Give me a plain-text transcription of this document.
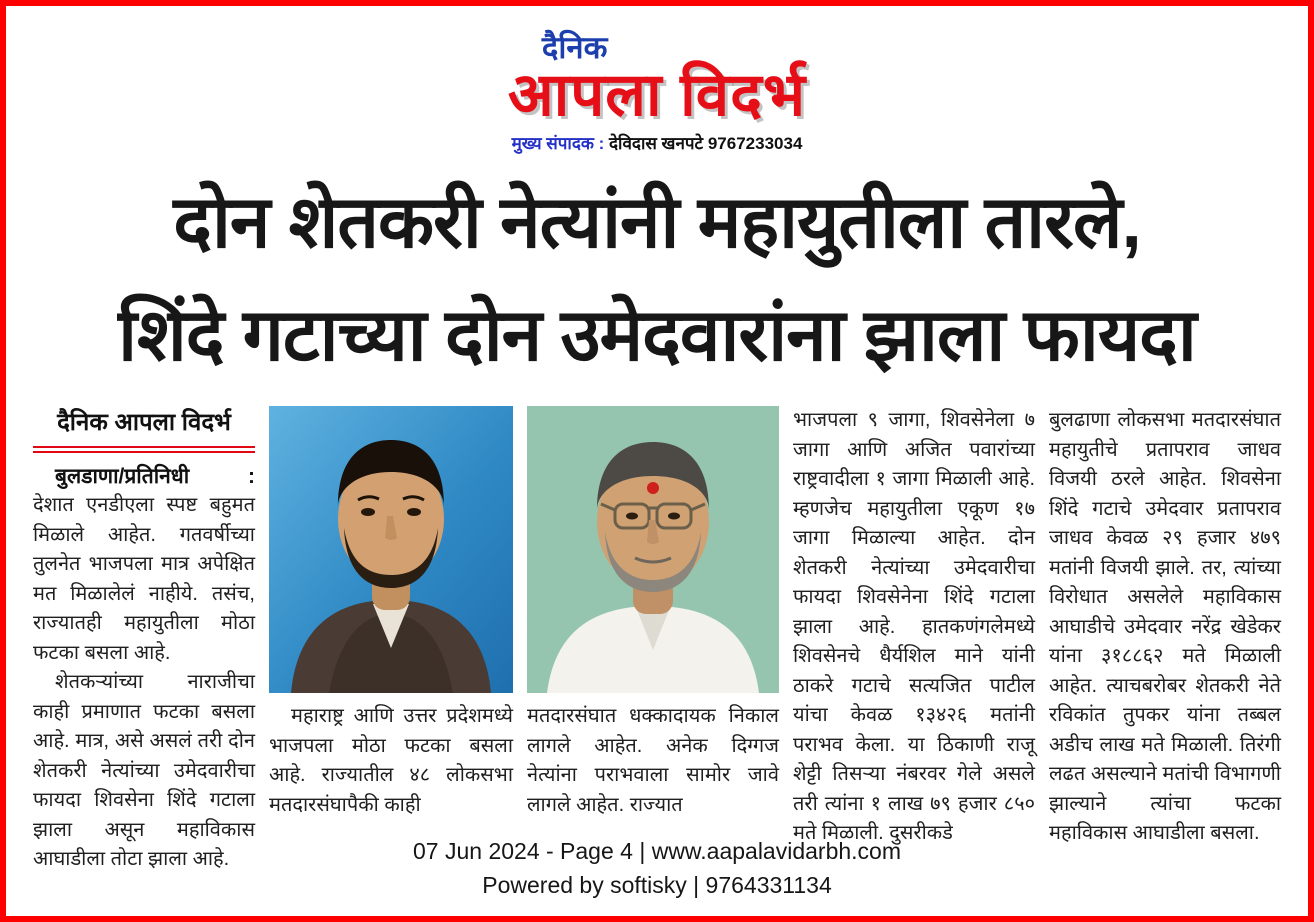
दैनिक
आपला विदर्भ
मुख्य संपादक : देविदास खनपटे 9767233034
दोन शेतकरी नेत्यांनी महायुतीला तारले,
शिंदे गटाच्या दोन उमेदवारांना झाला फायदा
दैनिक आपला विदर्भ
बुलडाणा/प्रतिनिधी	:

देशात एनडीएला स्पष्ट बहुमत मिळाले आहेत. गतवर्षीच्या तुलनेत भाजपला मात्र अपेक्षित मत मिळालेलं नाहीये. तसंच, राज्यातही महायुतीला मोठा फटका बसला आहे.

शेतकऱ्यांच्या नाराजीचा काही प्रमाणात फटका बसला आहे. मात्र, असे असलं तरी दोन शेतकरी नेत्यांच्या उमेदवारीचा फायदा शिवसेना शिंदे गटाला झाला असून महाविकास आघाडीला तोटा झाला आहे.

महाराष्ट्र आणि उत्तर प्रदेशमध्ये भाजपला मोठा फटका बसला आहे. राज्यातील ४८ लोकसभा मतदारसंघापैकी काही

मतदारसंघात धक्कादायक निकाल लागले आहेत. अनेक दिग्गज नेत्यांना पराभवाला सामोर जावे लागले आहेत. राज्यात

भाजपला ९ जागा, शिवसेनेला ७ जागा आणि अजित पवारांच्या राष्ट्रवादीला १ जागा मिळाली आहे. म्हणजेच महायुतीला एकूण १७ जागा मिळाल्या आहेत. दोन शेतकरी नेत्यांच्या उमेदवारीचा फायदा शिवसेनेना शिंदे गटाला झाला आहे. हातकणंगलेमध्ये शिवसेनचे धैर्यशिल माने यांनी ठाकरे गटाचे सत्यजित पाटील यांचा केवळ १३४२६ मतांनी पराभव केला. या ठिकाणी राजू शेट्टी तिसऱ्या नंबरवर गेले असले तरी त्यांना १ लाख ७९ हजार ८५० मते मिळाली. दुसरीकडे

बुलढाणा लोकसभा मतदारसंघात महायुतीचे प्रतापराव जाधव विजयी ठरले आहेत. शिवसेना शिंदे गटाचे उमेदवार प्रतापराव जाधव केवळ २९ हजार ४७९ मतांनी विजयी झाले. तर, त्यांच्या विरोधात असलेले महाविकास आघाडीचे उमेदवार नरेंद्र खेडेकर यांना ३१८८६२ मते मिळाली आहेत. त्याचबरोबर शेतकरी नेते रविकांत तुपकर यांना तब्बल अडीच लाख मते मिळाली. तिरंगी लढत असल्याने मतांची विभागणी झाल्याने त्यांचा फटका महाविकास आघाडीला बसला.

07 Jun 2024 - Page 4 | www.aapalavidarbh.com
Powered by softisky | 9764331134
